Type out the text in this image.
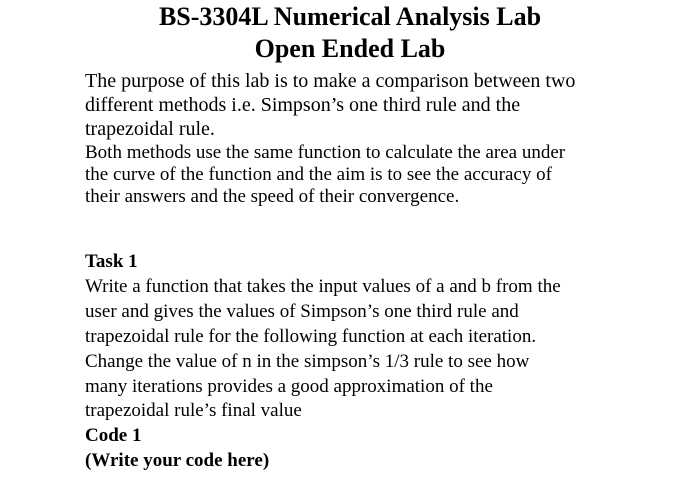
BS-3304L Numerical Analysis Lab
Open Ended Lab
The purpose of this lab is to make a comparison between two
different methods i.e. Simpson’s one third rule and the
trapezoidal rule.
Both methods use the same function to calculate the area under
the curve of the function and the aim is to see the accuracy of
their answers and the speed of their convergence.
Task 1
Write a function that takes the input values of a and b from the
user and gives the values of Simpson’s one third rule and
trapezoidal rule for the following function at each iteration.
Change the value of n in the simpson’s 1/3 rule to see how
many iterations provides a good approximation of the
trapezoidal rule’s final value
Code 1
(Write your code here)
